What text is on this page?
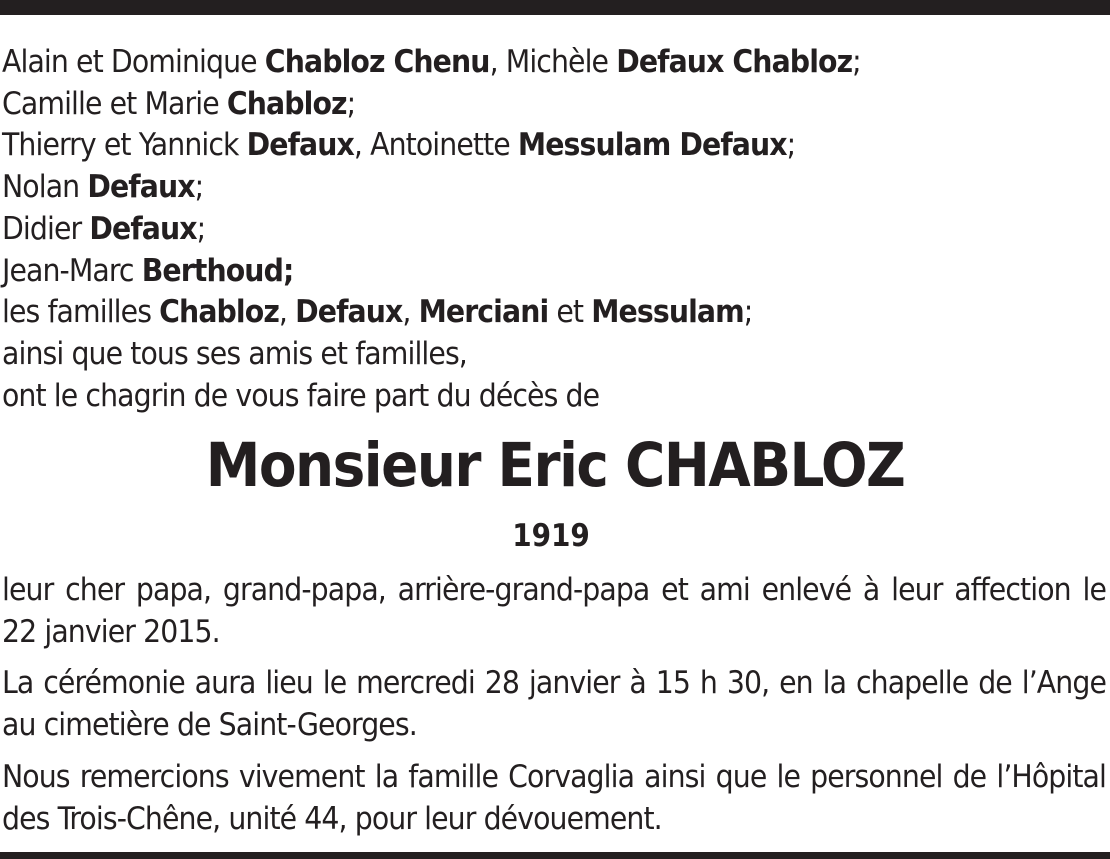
Alain et Dominique Chabloz Chenu, Michèle Defaux Chabloz;
Camille et Marie Chabloz;
Thierry et Yannick Defaux, Antoinette Messulam Defaux;
Nolan Defaux;
Didier Defaux;
Jean-Marc Berthoud;
les familles Chabloz, Defaux, Merciani et Messulam;
ainsi que tous ses amis et familles,
ont le chagrin de vous faire part du décès de
Monsieur Eric CHABLOZ
1919

leur cher papa, grand-papa, arrière-grand-papa et ami enlevé à leur affection le 22 janvier 2015.

La cérémonie aura lieu le mercredi 28 janvier à 15 h 30, en la chapelle de l’Ange au cimetière de Saint-Georges.

Nous remercions vivement la famille Corvaglia ainsi que le personnel de l’Hôpital des Trois-Chêne, unité 44, pour leur dévouement.
